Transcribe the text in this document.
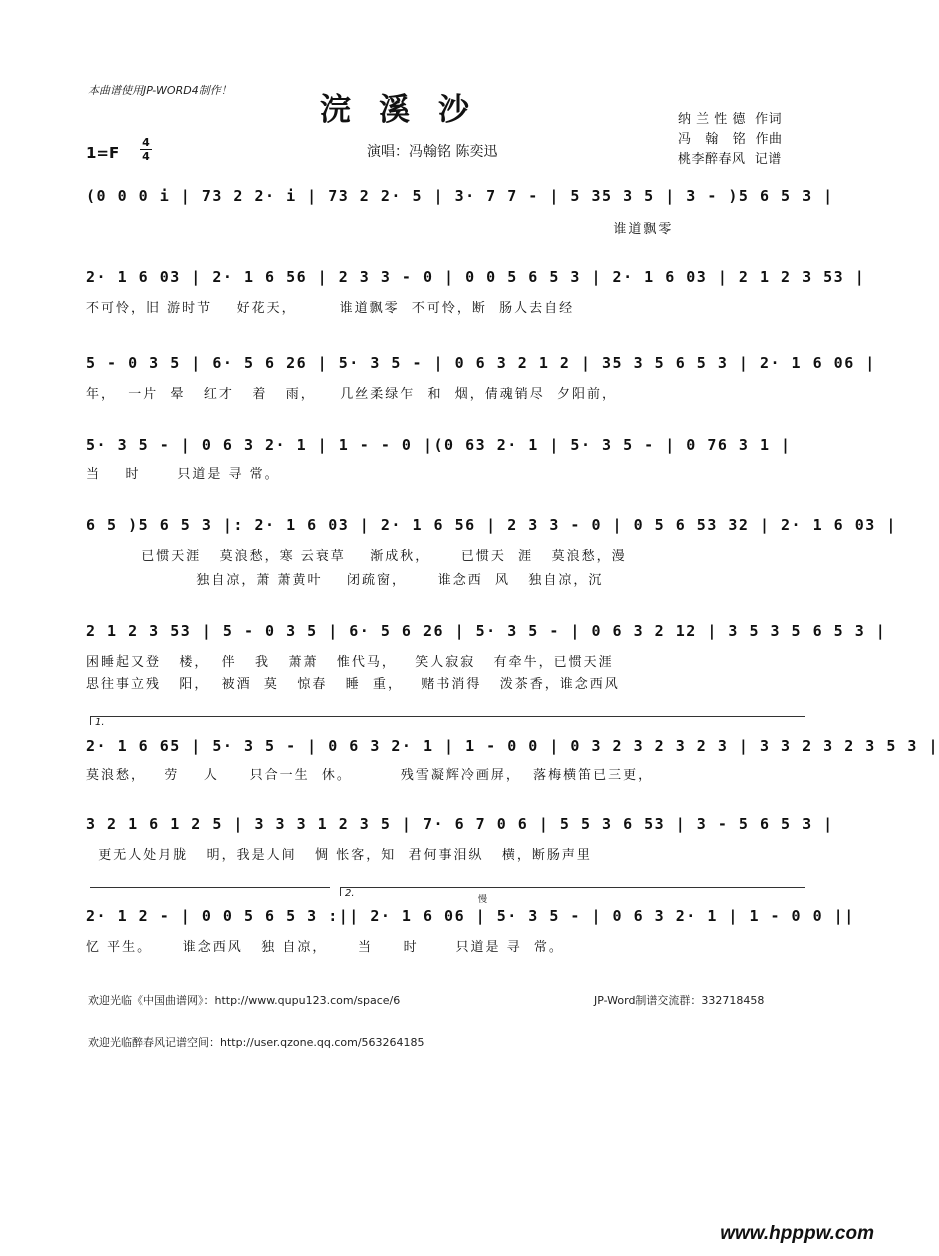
本曲谱使用JP-WORD4制作！
浣溪沙	纳 兰 性 德  作词
冯   翰   铭  作曲
桃李醉春风  记谱
1=F
4
4	演唱：冯翰铭 陈奕迅
(0 0 0 i | 73 2 2· i | 73 2 2· 5 | 3· 7 7 - | 5 35 3 5 | 3 - )5 6 5 3 |
谁道飘零
2· 1 6 03 | 2· 1 6 56 | 2 3 3 - 0 | 0 0 5 6 5 3 | 2· 1 6 03 | 2 1 2 3 53 |
不可怜，旧 游时节    好花天，       谁道飘零  不可怜，断  肠人去自经
5 - 0 3 5 | 6· 5 6 26 | 5· 3 5 - | 0 6 3 2 1 2 | 35 3 5 6 5 3 | 2· 1 6 06 |
年，  一片  晕   红才   着   雨，    几丝柔绿乍  和  烟，倩魂销尽  夕阳前，
5· 3 5 - | 0 6 3 2· 1 | 1 - - 0 |(0 63 2· 1 | 5· 3 5 - | 0 76 3 1 |
当    时      只道是 寻 常。
6 5 )5 6 5 3 |: 2· 1 6 03 | 2· 1 6 56 | 2 3 3 - 0 | 0 5 6 53 32 | 2· 1 6 03 |
已惯天涯   莫浪愁，寒 云衰草    渐成秋，     已惯天  涯   莫浪愁，漫
独自凉，萧 萧黄叶    闭疏窗，     谁念西  风   独自凉，沉
2 1 2 3 53 | 5 - 0 3 5 | 6· 5 6 26 | 5· 3 5 - | 0 6 3 2 12 | 3 5 3 5 6 5 3 |
困睡起又登   楼，  伴   我   萧萧   惟代马，   笑人寂寂   有牵牛，已惯天涯
思往事立残   阳，  被酒  莫   惊春   睡  重，   赌书消得   泼茶香，谁念西风
1.
2· 1 6 65 | 5· 3 5 - | 0 6 3 2· 1 | 1 - 0 0 | 0 3 2 3 2 3 2 3 | 3 3 2 3 2 3 5 3 |
莫浪愁，   劳    人     只合一生  休。        残雪凝辉冷画屏，  落梅横笛已三更，
3 2 1 6 1 2 5 | 3 3 3 1 2 3 5 | 7· 6 7 0 6 | 5 5 3 6 53 | 3 - 5 6 5 3 |
更无人处月胧   明，我是人间   惆 怅客，知  君何事泪纵   横，断肠声里
2.
慢
2· 1 2 - | 0 0 5 6 5 3 :|| 2· 1 6 06 | 5· 3 5 - | 0 6 3 2· 1 | 1 - 0 0 ||
忆 平生。     谁念西风   独 自凉，     当     时      只道是 寻  常。
欢迎光临《中国曲谱网》：http://www.qupu123.com/space/6	JP-Word制谱交流群：332718458
欢迎光临醉春风记谱空间：http://user.qzone.qq.com/563264185
www.hpppw.com
